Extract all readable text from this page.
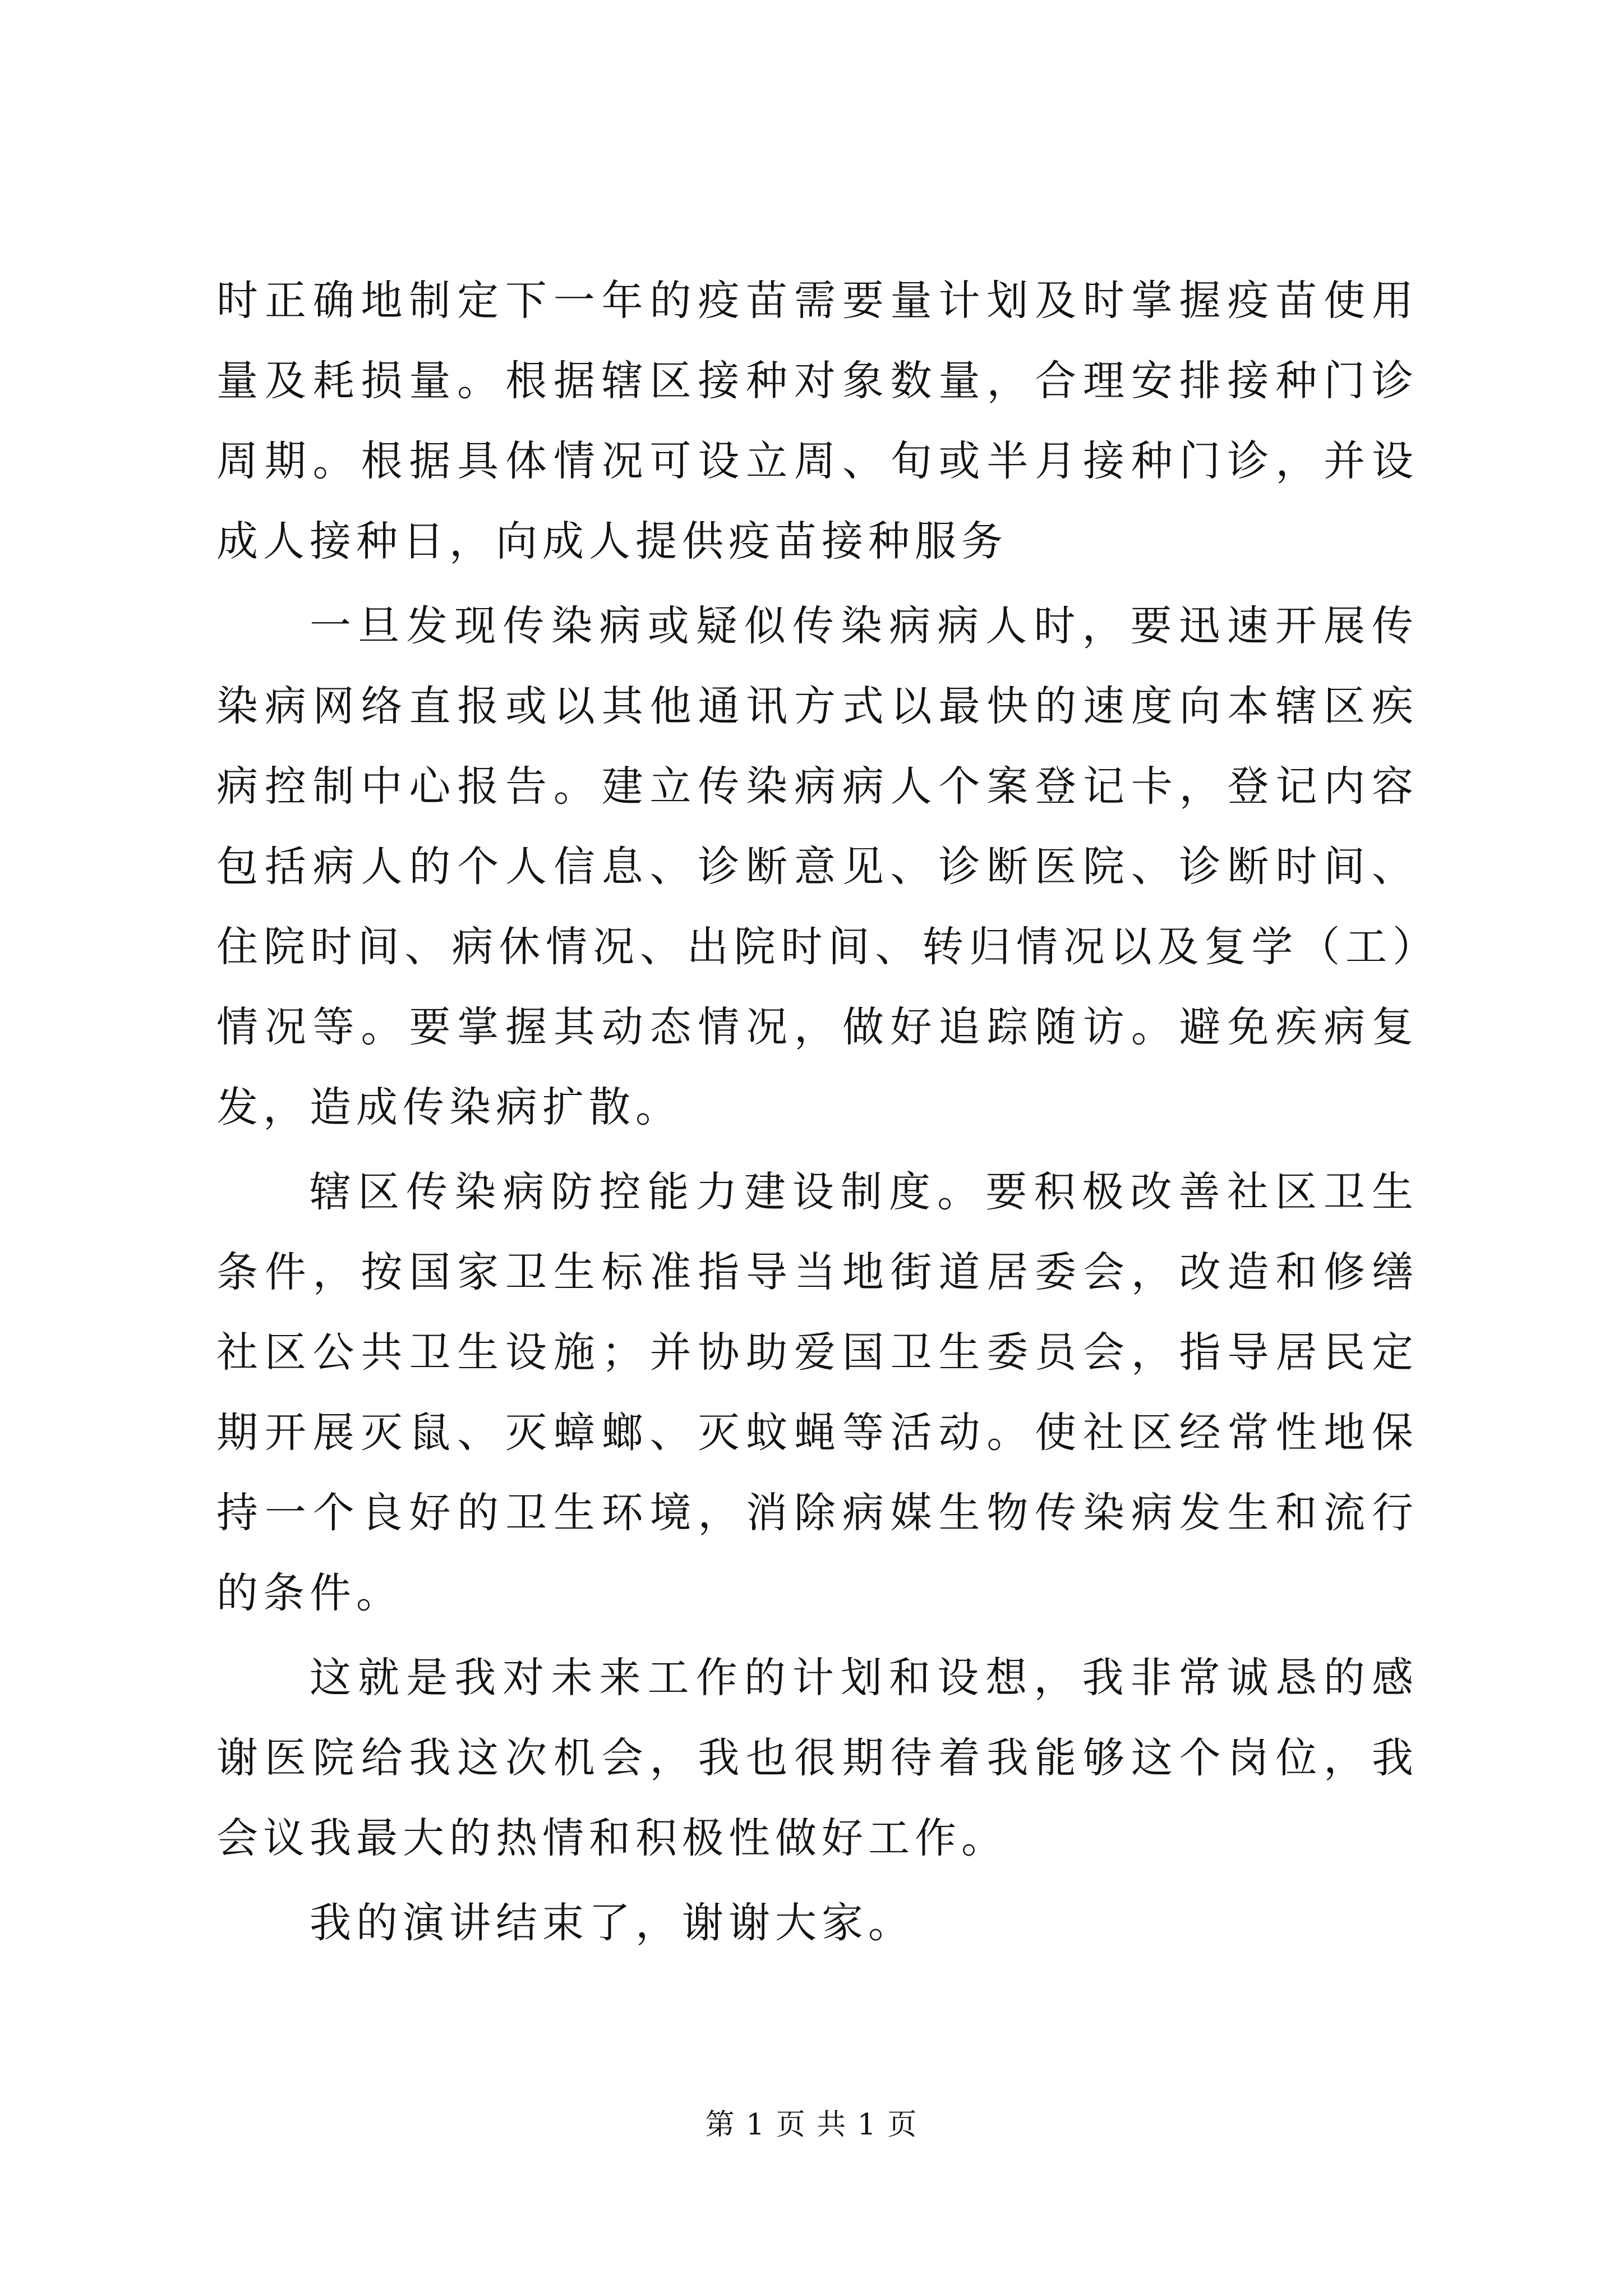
时正确地制定下一年的疫苗需要量计划及时掌握疫苗使用量及耗损量。根据辖区接种对象数量，合理安排接种门诊周期。根据具体情况可设立周、旬或半月接种门诊，并设成人接种日，向成人提供疫苗接种服务

一旦发现传染病或疑似传染病病人时，要迅速开展传染病网络直报或以其他通讯方式以最快的速度向本辖区疾病控制中心报告。建立传染病病人个案登记卡，登记内容包括病人的个人信息、诊断意见、诊断医院、诊断时间、住院时间、病休情况、出院时间、转归情况以及复学（工）情况等。要掌握其动态情况，做好追踪随访。避免疾病复发，造成传染病扩散。

辖区传染病防控能力建设制度。要积极改善社区卫生条件，按国家卫生标准指导当地街道居委会，改造和修缮社区公共卫生设施；并协助爱国卫生委员会，指导居民定期开展灭鼠、灭蟑螂、灭蚊蝇等活动。使社区经常性地保持一个良好的卫生环境，消除病媒生物传染病发生和流行的条件。

这就是我对未来工作的计划和设想，我非常诚恳的感谢医院给我这次机会，我也很期待着我能够这个岗位，我会议我最大的热情和积极性做好工作。

我的演讲结束了，谢谢大家。

第 1 页 共 1 页
